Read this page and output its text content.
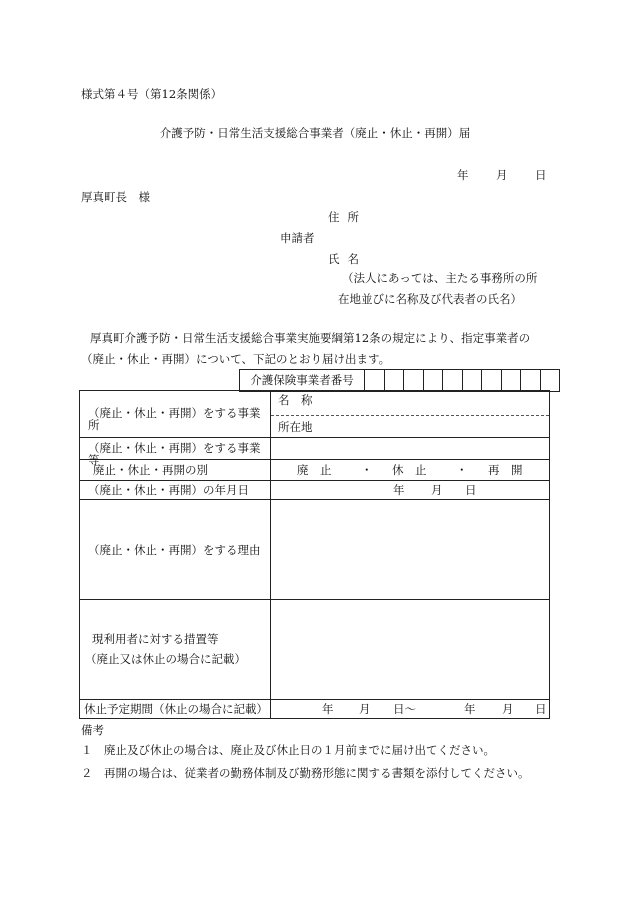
様式第４号（第12条関係）
介護予防・日常生活支援総合事業者（廃止・休止・再開）届
年 月 日
厚真町長　様
住所
申請者
氏名
（法人にあっては、主たる事務所の所
在地並びに名称及び代表者の氏名）
厚真町介護予防・日常生活支援総合事業実施要綱第12条の規定により、指定事業者の
（廃止・休止・再開）について、下記のとおり届け出ます。
介護保険事業者番号
（廃止・休止・再開）をする事業所
名　称
所在地
（廃止・休止・再開）をする事業等
廃止・休止・再開の別	廃　止	・ 休　止	・ 再　開
（廃止・休止・再開）の年月日	年 月 日
（廃止・休止・再開）をする理由
現利用者に対する措置等
（廃止又は休止の場合に記載）
休止予定期間（休止の場合に記載）	年 月 日～	年 月 日
備考
１　廃止及び休止の場合は、廃止及び休止日の１月前までに届け出てください。
２　再開の場合は、従業者の勤務体制及び勤務形態に関する書類を添付してください。
